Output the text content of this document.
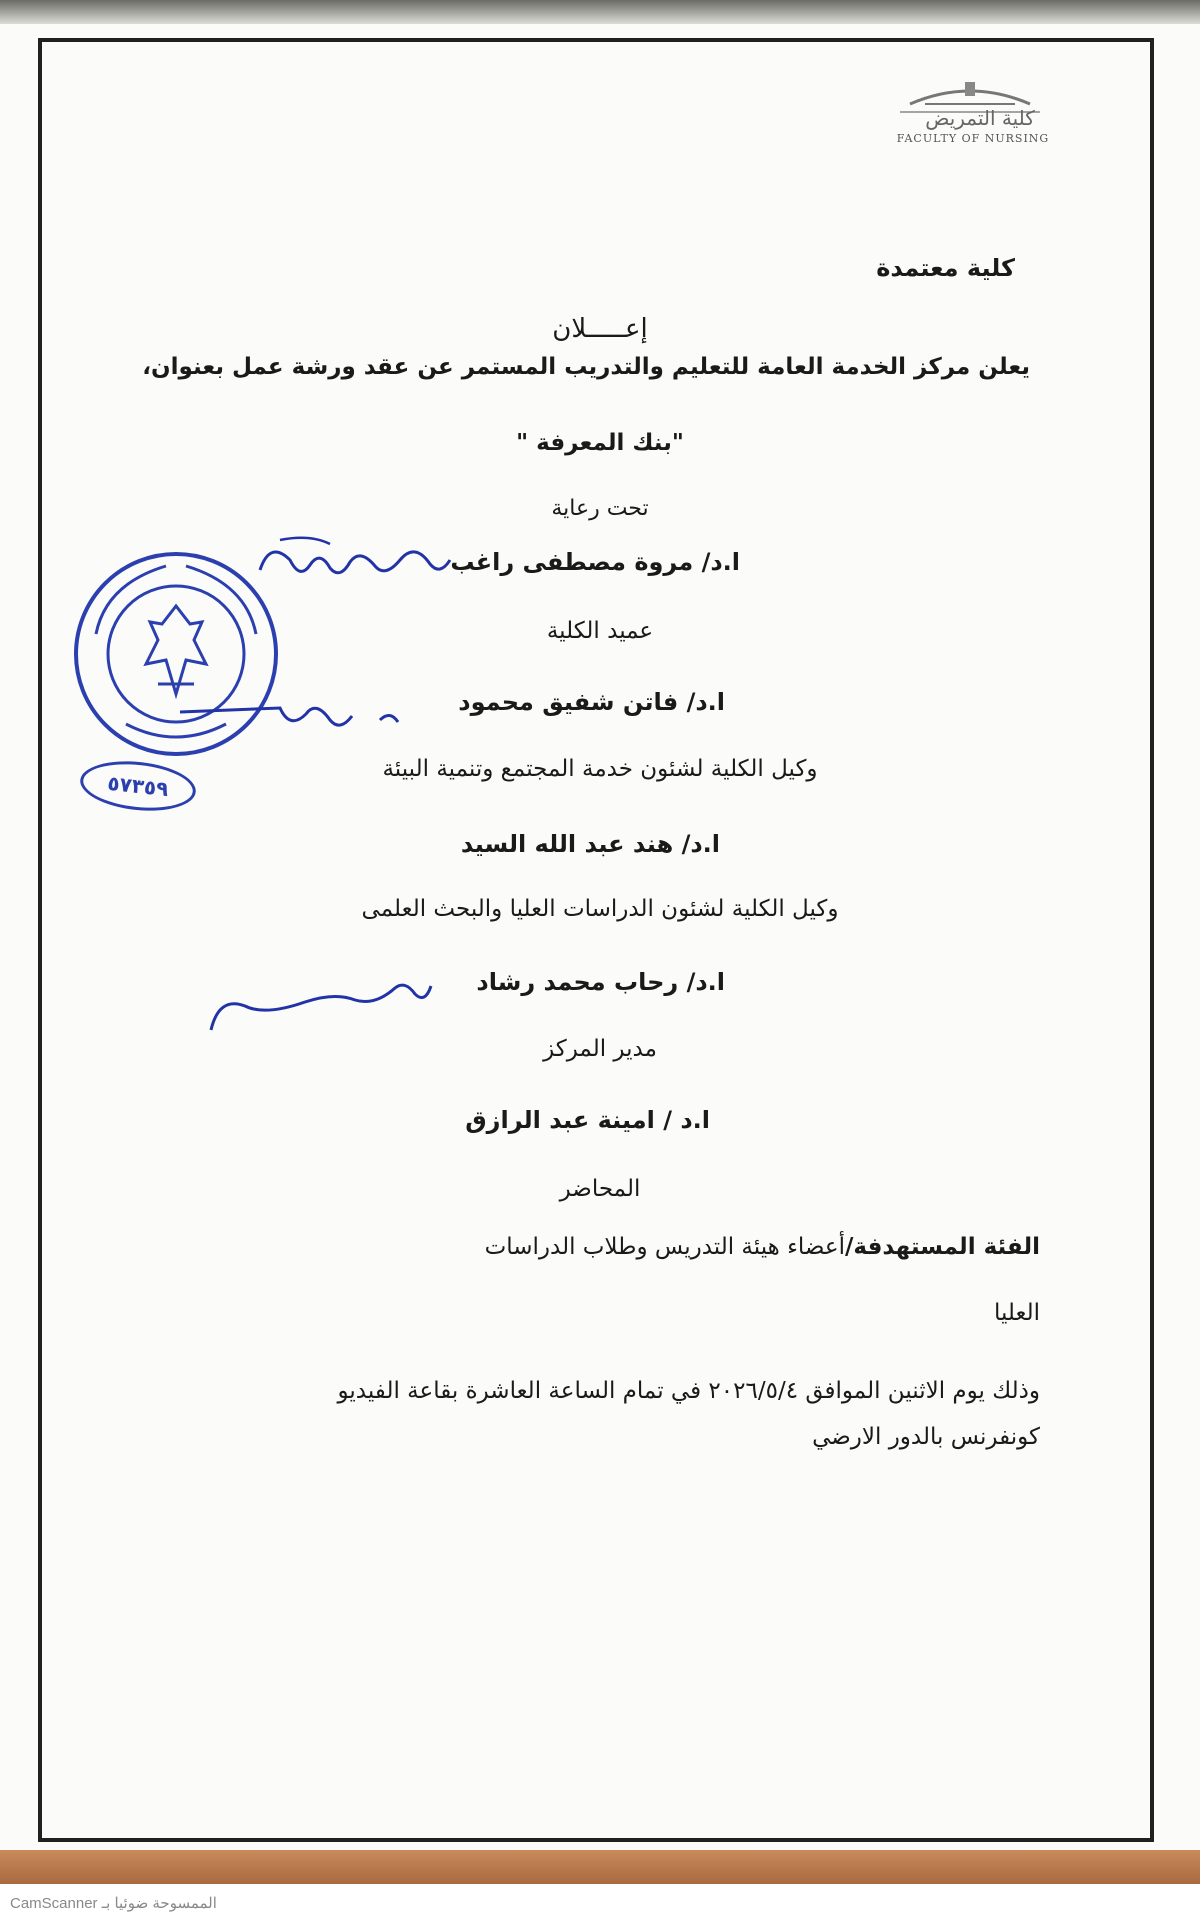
كلية التمريض
FACULTY OF NURSING
كلية معتمدة
إعـــــلان
يعلن مركز الخدمة العامة للتعليم والتدريب المستمر عن عقد ورشة عمل بعنوان،
"بنك المعرفة "
تحت رعاية
ا.د/ مروة مصطفى راغب
عميد الكلية
ا.د/ فاتن شفيق محمود
وكيل الكلية لشئون خدمة المجتمع وتنمية البيئة
ا.د/ هند عبد الله السيد
وكيل الكلية لشئون الدراسات العليا والبحث العلمى
ا.د/ رحاب محمد رشاد
مدير المركز
ا.د / امينة عبد الرازق
المحاضر
الفئة المستهدفة/أعضاء هيئة التدريس وطلاب الدراسات
العليا
وذلك يوم الاثنين الموافق ٢٠٢٦/٥/٤ في تمام الساعة العاشرة بقاعة الفيديو
كونفرنس بالدور الارضي
٥٧٣٥٩
الممسوحة ضوئيا بـ CamScanner
